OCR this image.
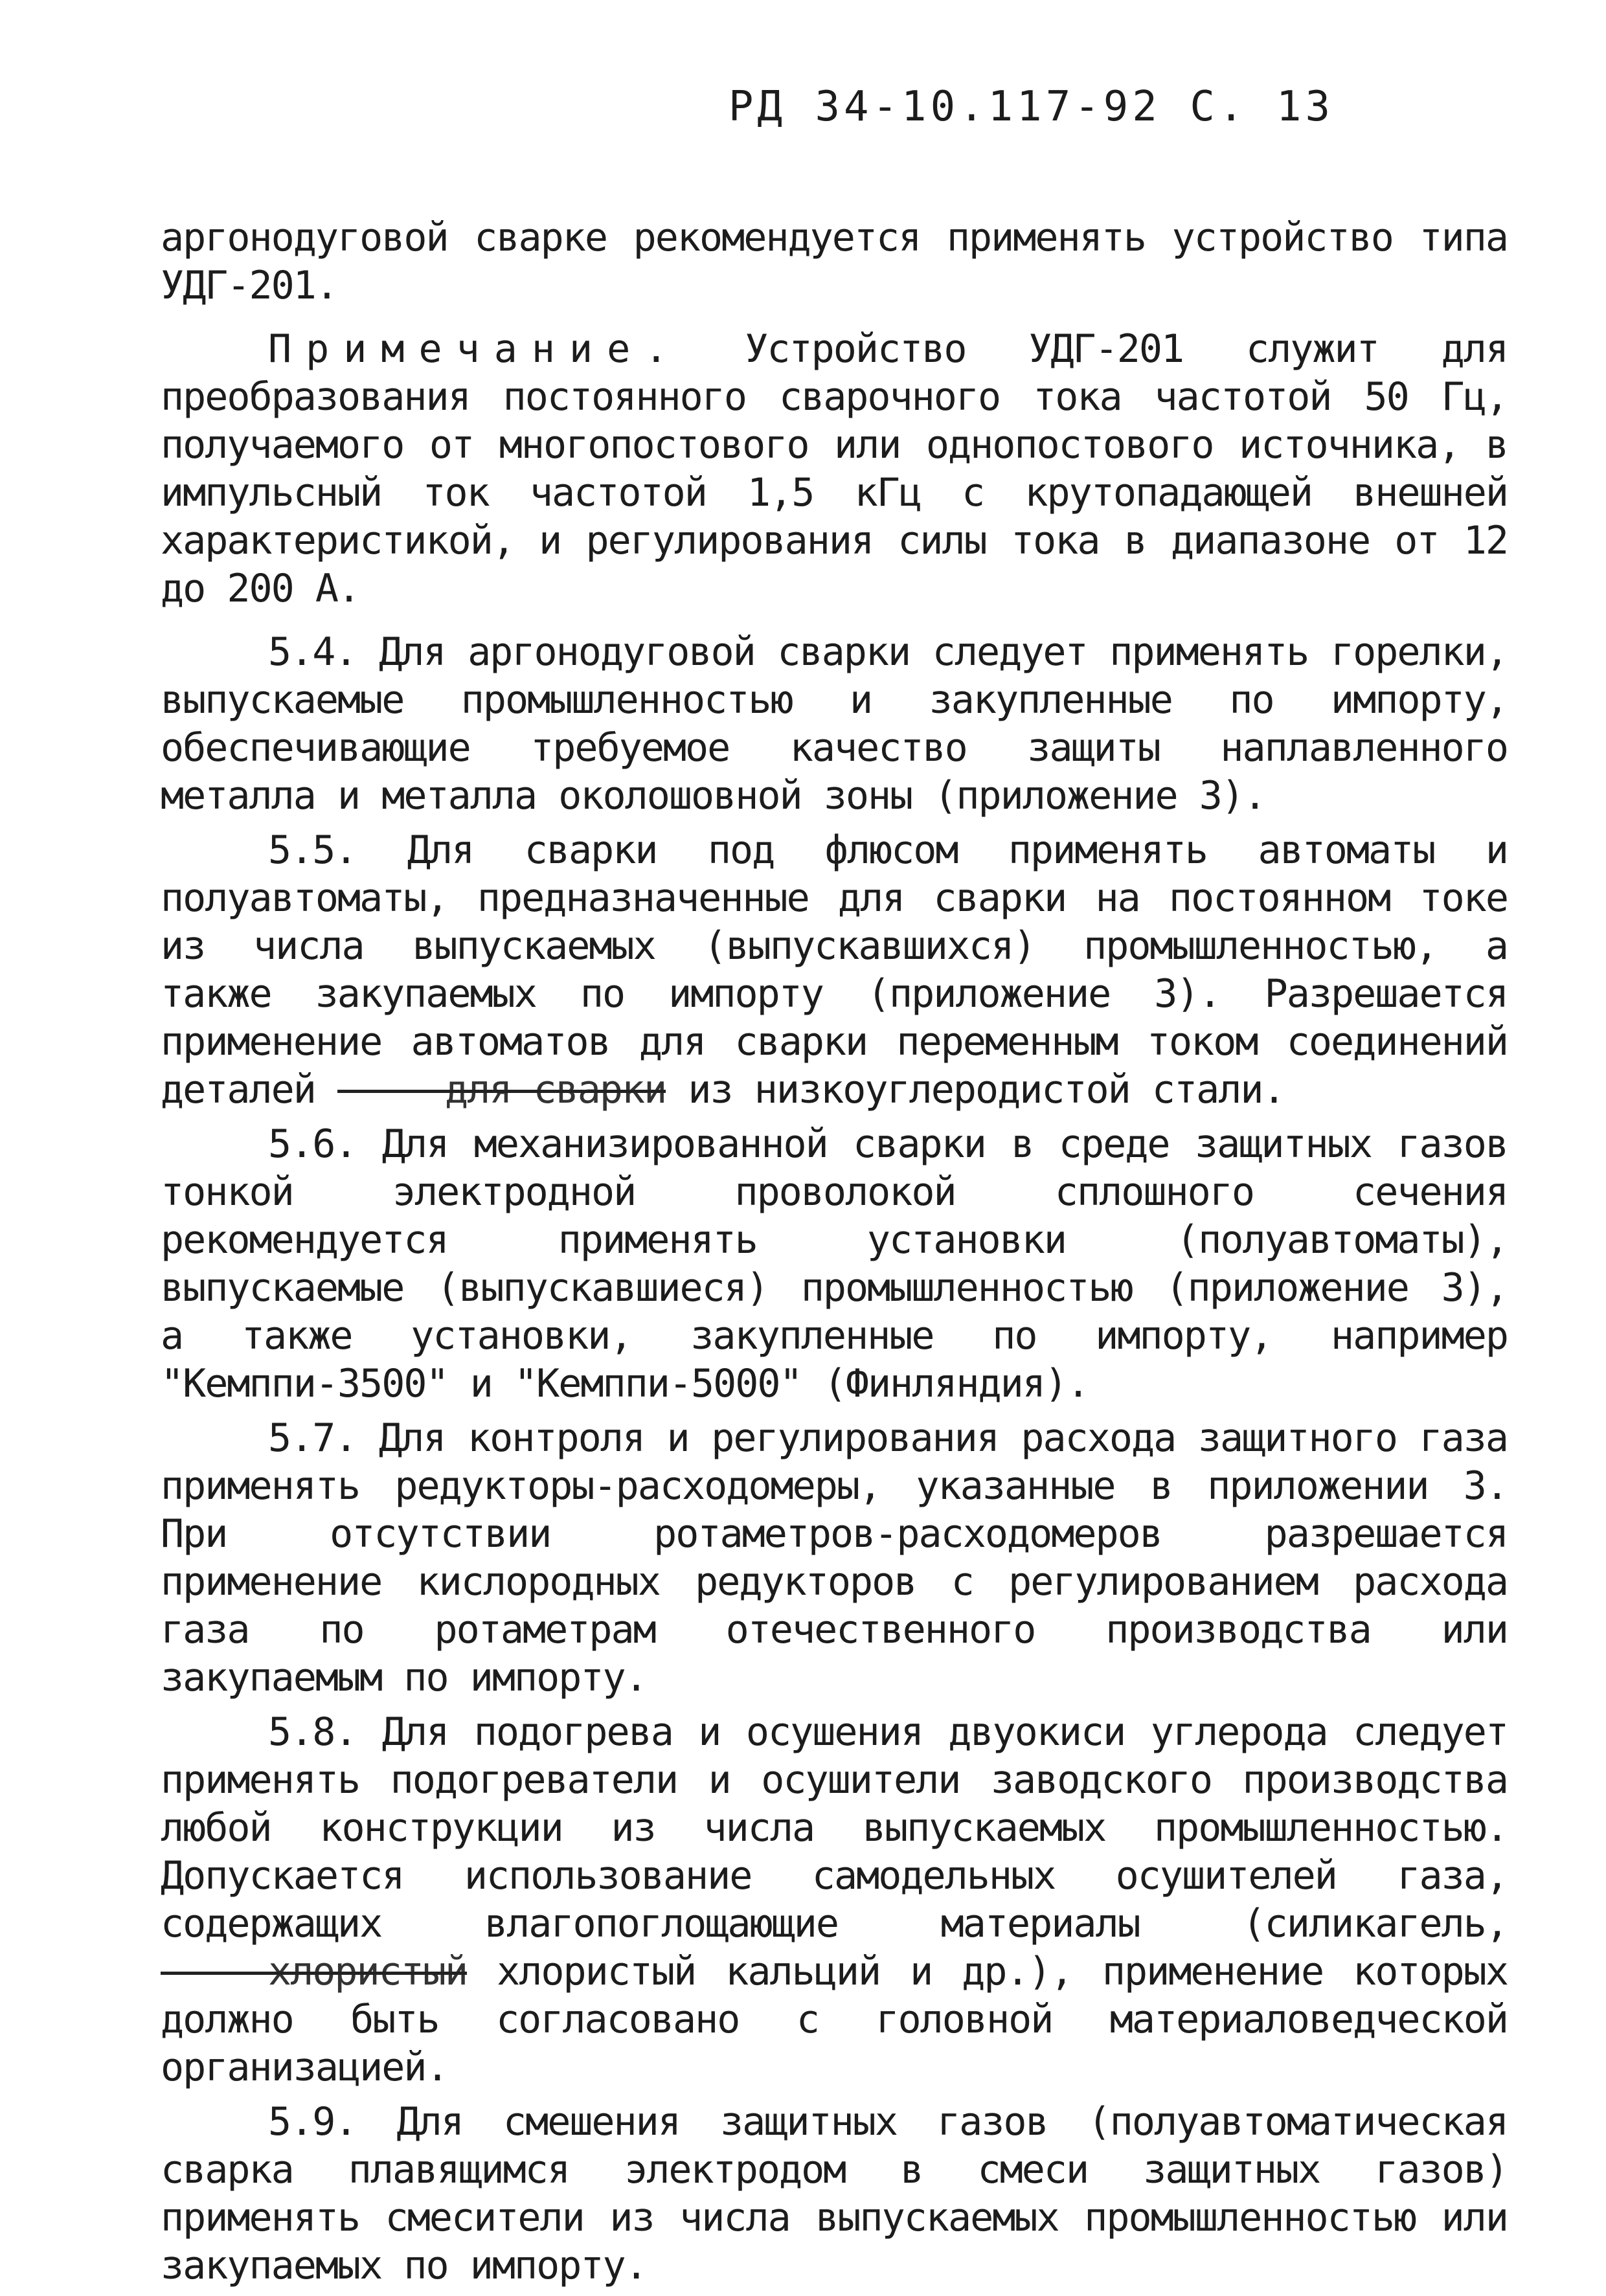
РД 34-10.117-92 С. 13

аргонодуговой сварке рекомендуется применять устройство типа УДГ-201.

Примечание. Устройство УДГ-201 служит для преобразования постоянного сварочного тока частотой 50 Гц, получаемого от многопостового или однопостового источника, в импульсный ток частотой 1,5 кГц с крутопадающей внешней характеристикой, и регулирования силы тока в диапазоне от 12 до 200 А.

5.4. Для аргонодуговой сварки следует применять горелки, выпускаемые промышленностью и закупленные по импорту, обеспечивающие требуемое качество защиты наплавленного металла и металла околошовной зоны (приложение 3).

5.5. Для сварки под флюсом применять автоматы и полуавтоматы, предназначенные для сварки на постоянном токе из числа выпускаемых (выпускавшихся) промышленностью, а также закупаемых по импорту (приложение 3). Разрешается применение автоматов для сварки переменным током соединений деталей	для сварки из низкоуглеродистой стали.

5.6. Для механизированной сварки в среде защитных газов тонкой электродной проволокой сплошного сечения рекомендуется применять установки (полуавтоматы), выпускаемые (выпускавшиеся) промышленностью (приложение 3), а также установки, закупленные по импорту, например "Кемппи-3500" и "Кемппи-5000" (Финляндия).

5.7. Для контроля и регулирования расхода защитного газа применять редукторы-расходомеры, указанные в приложении 3. При отсутствии ротаметров-расходомеров разрешается применение кислородных редукторов с регулированием расхода газа по ротаметрам отечественного производства или закупаемым по импорту.

5.8. Для подогрева и осушения двуокиси углерода следует применять подогреватели и осушители заводского производства любой конструкции из числа выпускаемых промышленностью. Допускается использование самодельных осушителей газа, содержащих влагопоглощающие материалы (силикагель, хлористый хлористый кальций и др.), применение которых должно быть согласовано с головной материаловедческой организацией.

5.9. Для смешения защитных газов (полуавтоматическая сварка плавящимся электродом в смеси защитных газов) применять смесители из числа выпускаемых промышленностью или закупаемых по импорту.
